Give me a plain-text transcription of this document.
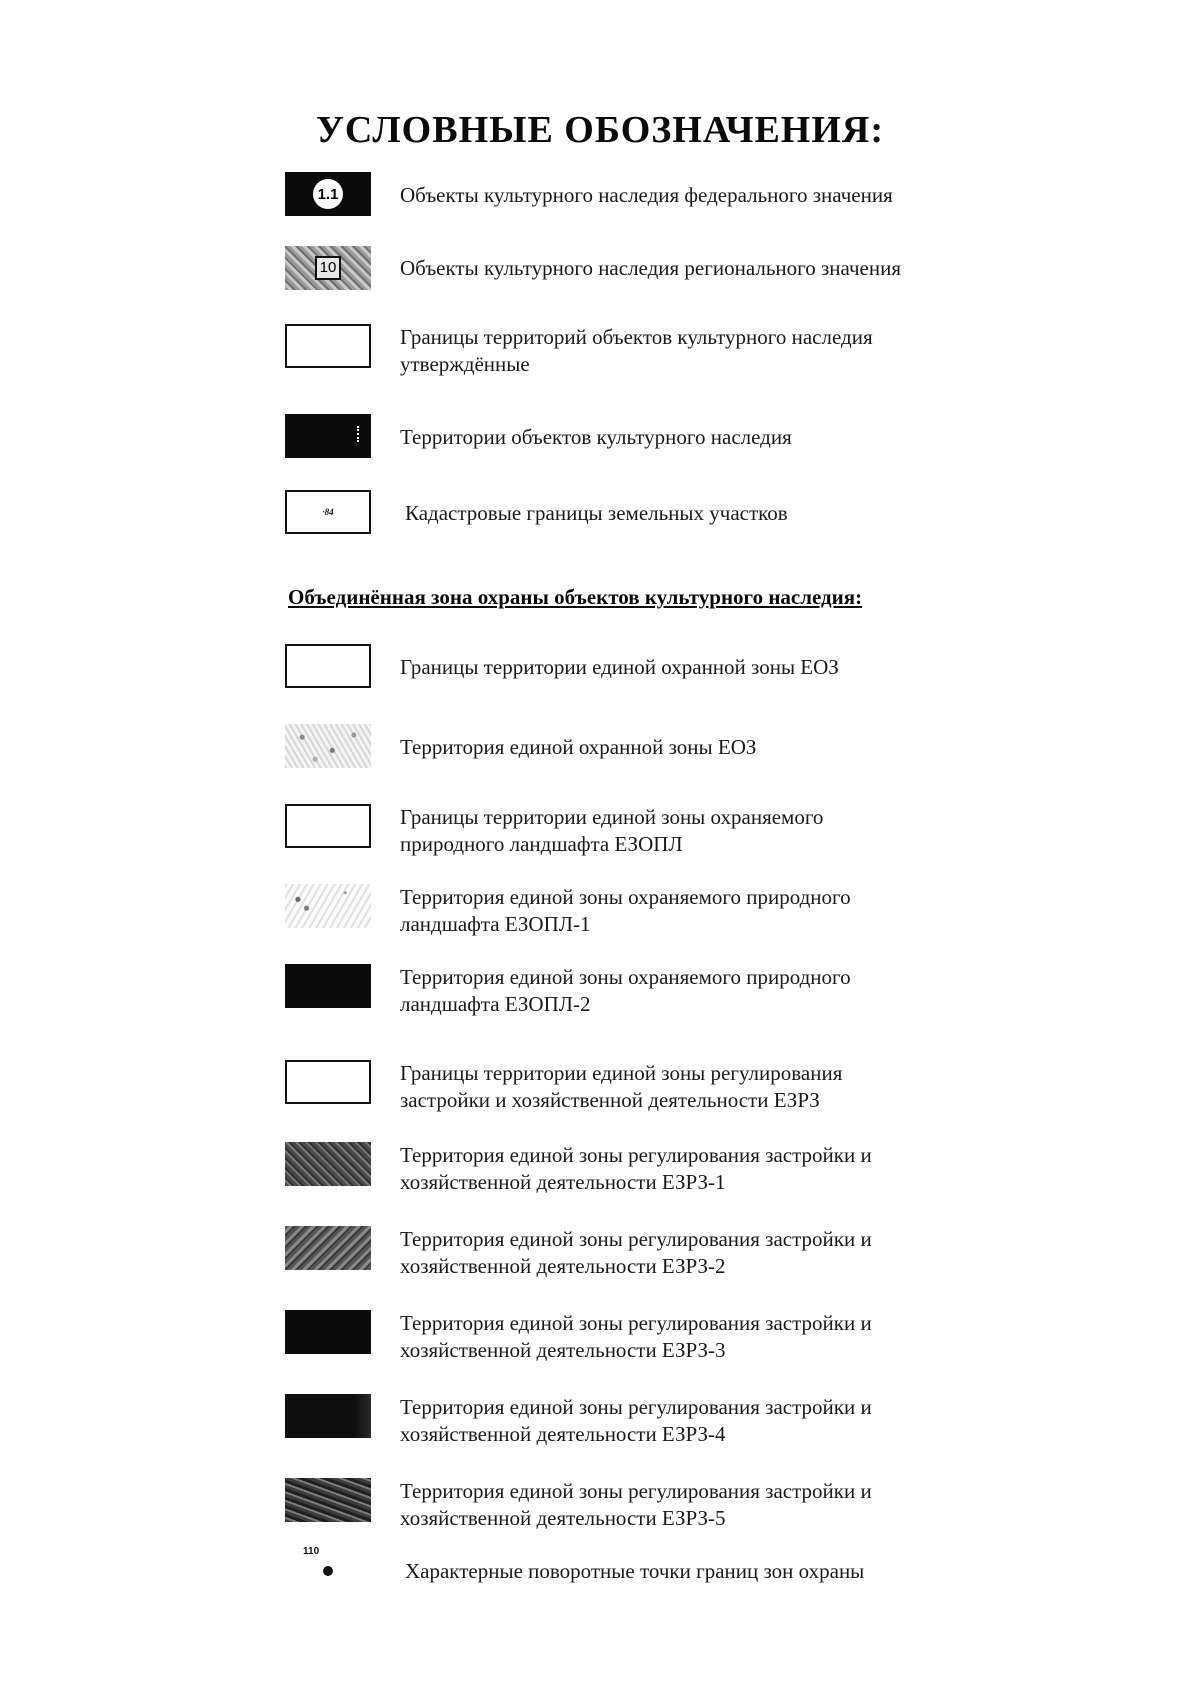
УСЛОВНЫЕ ОБОЗНАЧЕНИЯ:
1.1	Объекты культурного наследия федерального значения
10	Объекты культурного наследия регионального значения
Границы территорий объектов культурного наследия
утверждённые
Территории объектов культурного наследия
·84	Кадастровые границы земельных участков
Объединённая зона охраны объектов культурного наследия:
Границы территории единой охранной зоны ЕОЗ
Территория единой охранной зоны ЕОЗ
Границы территории единой зоны охраняемого
природного ландшафта ЕЗОПЛ
Территория единой зоны охраняемого природного
ландшафта ЕЗОПЛ-1
Территория единой зоны охраняемого природного
ландшафта ЕЗОПЛ-2
Границы территории единой зоны регулирования
застройки и хозяйственной деятельности ЕЗРЗ
Территория единой зоны регулирования застройки и
хозяйственной деятельности ЕЗРЗ-1
Территория единой зоны регулирования застройки и
хозяйственной деятельности ЕЗРЗ-2
Территория единой зоны регулирования застройки и
хозяйственной деятельности ЕЗРЗ-3
Территория единой зоны регулирования застройки и
хозяйственной деятельности ЕЗРЗ-4
Территория единой зоны регулирования застройки и
хозяйственной деятельности ЕЗРЗ-5
110
Характерные поворотные точки границ зон охраны
